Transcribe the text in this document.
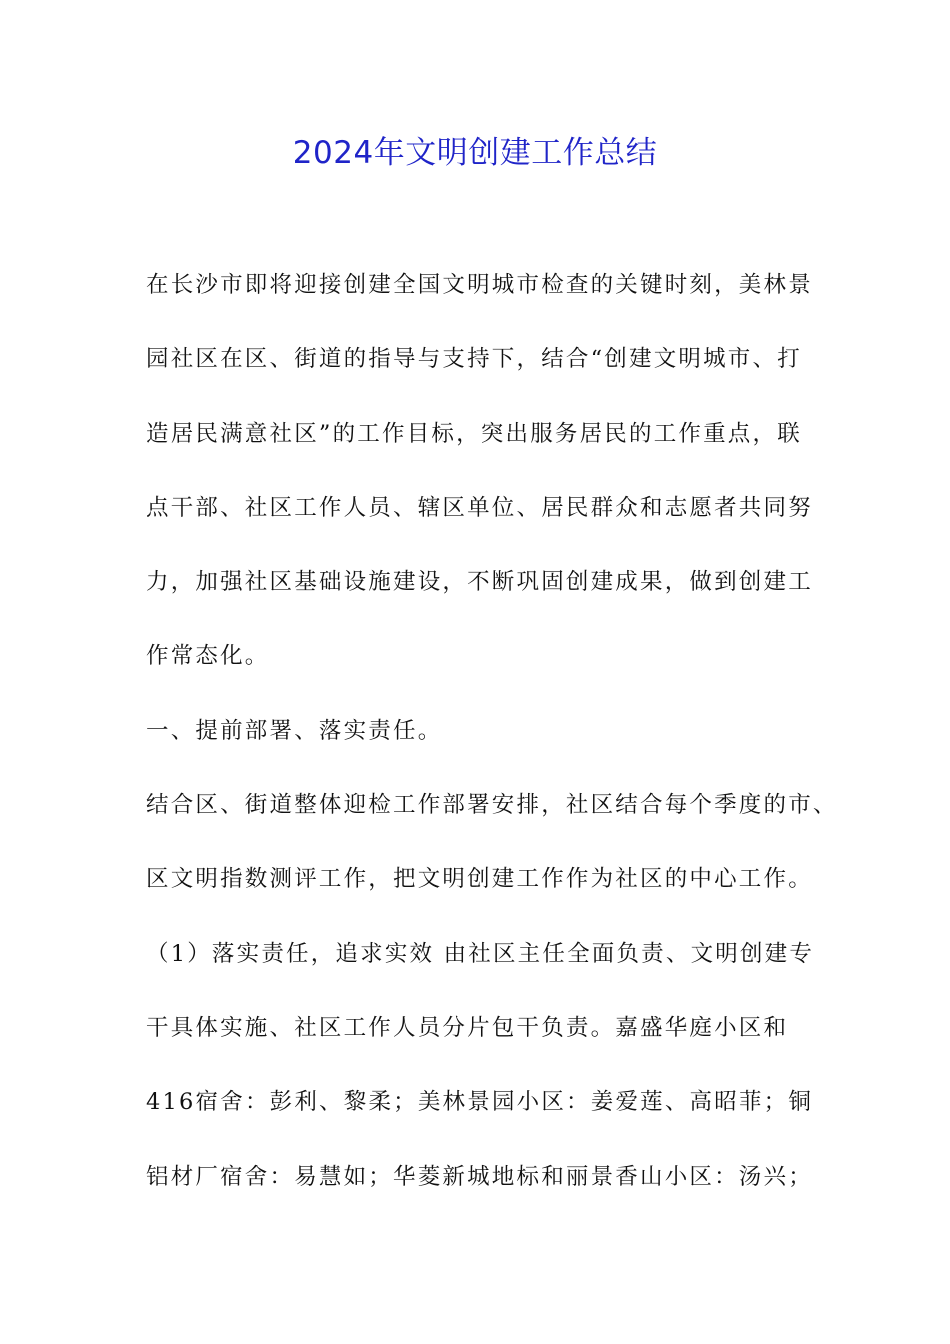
2024年文明创建工作总结
在长沙市即将迎接创建全国文明城市检查的关键时刻，美林景
园社区在区、街道的指导与支持下，结合“创建文明城市、打
造居民满意社区”的工作目标，突出服务居民的工作重点，联
点干部、社区工作人员、辖区单位、居民群众和志愿者共同努
力，加强社区基础设施建设，不断巩固创建成果，做到创建工
作常态化。
一、提前部署、落实责任。
结合区、街道整体迎检工作部署安排，社区结合每个季度的市、
区文明指数测评工作，把文明创建工作作为社区的中心工作。
（1）落实责任，追求实效 由社区主任全面负责、文明创建专
干具体实施、社区工作人员分片包干负责。嘉盛华庭小区和
416宿舍：彭利、黎柔；美林景园小区：姜爱莲、高昭菲；铜
铝材厂宿舍：易慧如；华菱新城地标和丽景香山小区：汤兴；
